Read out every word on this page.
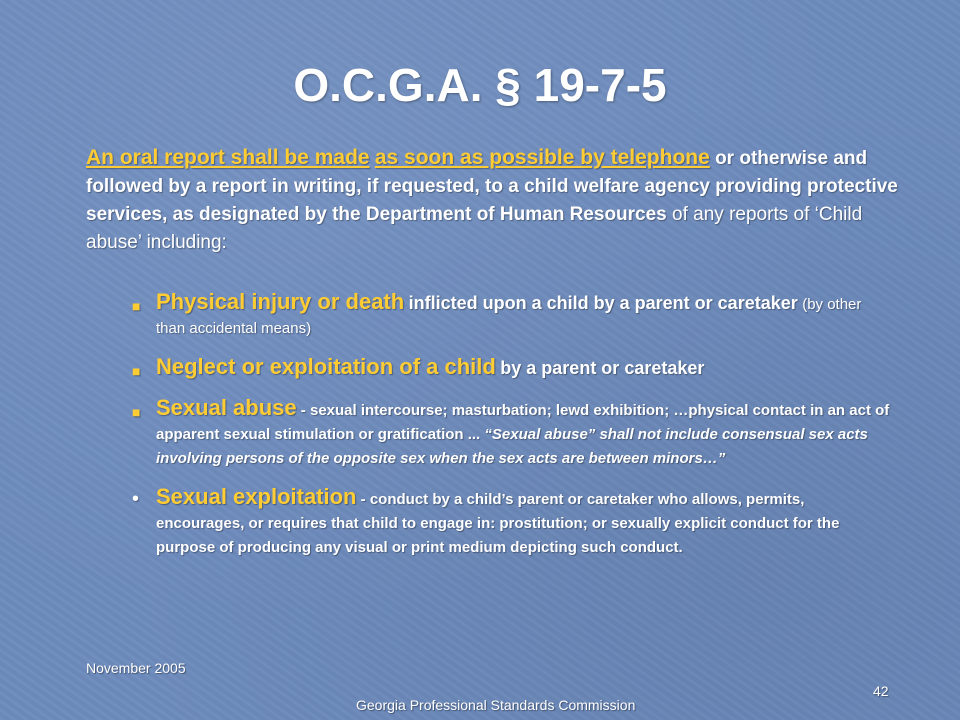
O.C.G.A. § 19-7-5
An oral report shall be made as soon as possible by telephone or otherwise and followed by a report in writing, if requested, to a child welfare agency providing protective services, as designated by the Department of Human Resources of any reports of ‘Child abuse’ including:
■ Physical injury or death inflicted upon a child by a parent or caretaker (by other than accidental means)
■ Neglect or exploitation of a child by a parent or caretaker
■ Sexual abuse - sexual intercourse; masturbation; lewd exhibition; …physical contact in an act of apparent sexual stimulation or gratification ... “Sexual abuse” shall not include consensual sex acts involving persons of the opposite sex when the sex acts are between minors…”
• Sexual exploitation - conduct by a child’s parent or caretaker who allows, permits, encourages, or requires that child to engage in: prostitution; or sexually explicit conduct for the purpose of producing any visual or print medium depicting such conduct.
November 2005
42
Georgia Professional Standards Commission
